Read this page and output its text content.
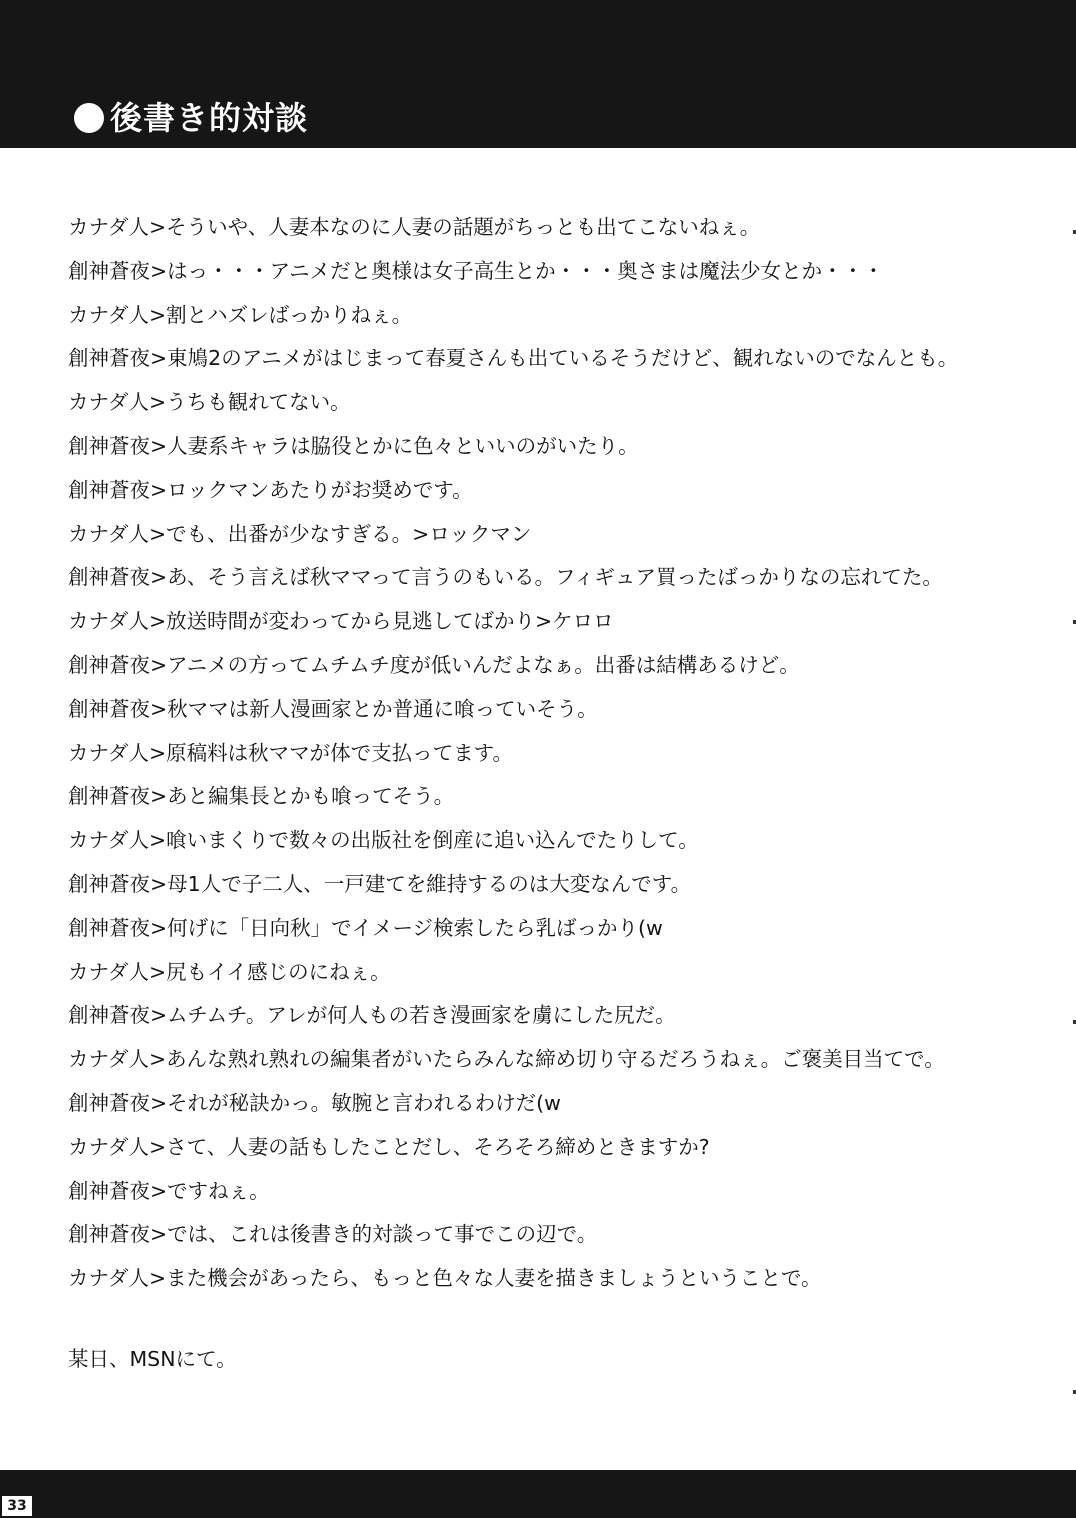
後書き的対談
カナダ人>そういや、人妻本なのに人妻の話題がちっとも出てこないねぇ。
創神蒼夜>はっ・・・アニメだと奥様は女子高生とか・・・奥さまは魔法少女とか・・・
カナダ人>割とハズレばっかりねぇ。
創神蒼夜>東鳩2のアニメがはじまって春夏さんも出ているそうだけど、観れないのでなんとも。
カナダ人>うちも観れてない。
創神蒼夜>人妻系キャラは脇役とかに色々といいのがいたり。
創神蒼夜>ロックマンあたりがお奨めです。
カナダ人>でも、出番が少なすぎる。>ロックマン
創神蒼夜>あ、そう言えば秋ママって言うのもいる。フィギュア買ったばっかりなの忘れてた。
カナダ人>放送時間が変わってから見逃してばかり>ケロロ
創神蒼夜>アニメの方ってムチムチ度が低いんだよなぁ。出番は結構あるけど。
創神蒼夜>秋ママは新人漫画家とか普通に喰っていそう。
カナダ人>原稿料は秋ママが体で支払ってます。
創神蒼夜>あと編集長とかも喰ってそう。
カナダ人>喰いまくりで数々の出版社を倒産に追い込んでたりして。
創神蒼夜>母1人で子二人、一戸建てを維持するのは大変なんです。
創神蒼夜>何げに「日向秋」でイメージ検索したら乳ばっかり(w
カナダ人>尻もイイ感じのにねぇ。
創神蒼夜>ムチムチ。アレが何人もの若き漫画家を虜にした尻だ。
カナダ人>あんな熟れ熟れの編集者がいたらみんな締め切り守るだろうねぇ。ご褒美目当てで。
創神蒼夜>それが秘訣かっ。敏腕と言われるわけだ(w
カナダ人>さて、人妻の話もしたことだし、そろそろ締めときますか?
創神蒼夜>ですねぇ。
創神蒼夜>では、これは後書き的対談って事でこの辺で。
カナダ人>また機会があったら、もっと色々な人妻を描きましょうということで。
某日、MSNにて。
33
